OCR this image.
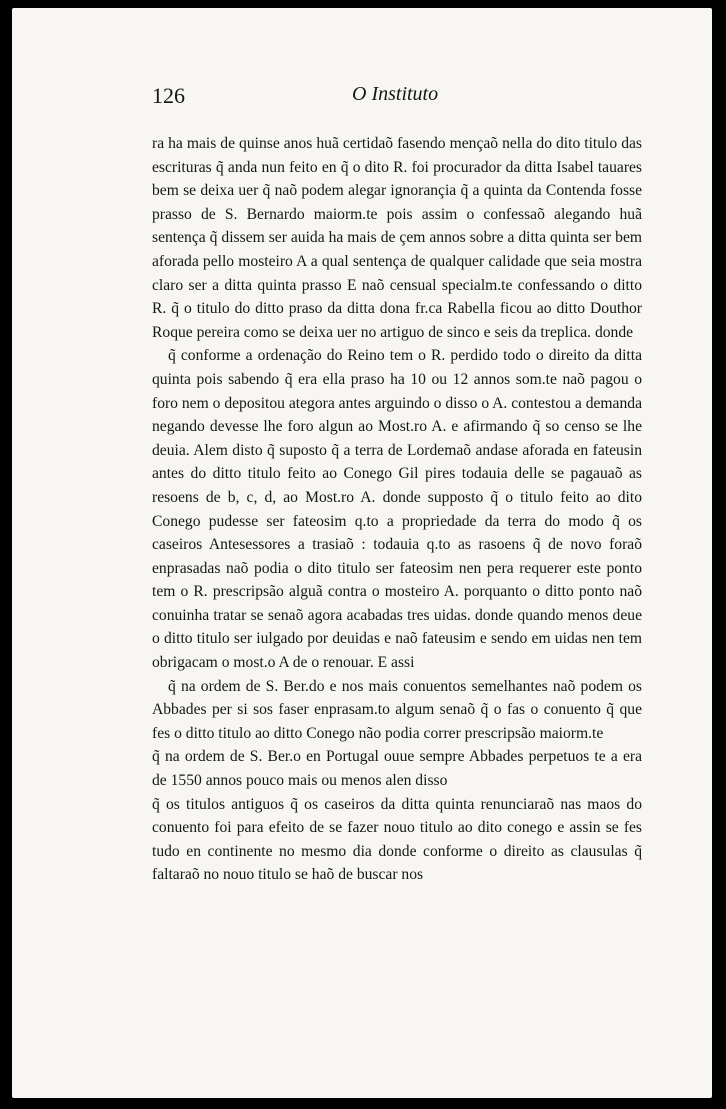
126	O Instituto

ra ha mais de quinse anos huã certidaõ fasendo mençaõ nella do dito titulo das escrituras q̃ anda nun feito en q̃ o dito R. foi procurador da ditta Isabel tauares bem se deixa uer q̃ naõ podem alegar ignorançia q̃ a quinta da Contenda fosse prasso de S. Bernardo maiorm.te pois assim o confessaõ alegando huã sentença q̃ dissem ser auida ha mais de çem annos sobre a ditta quinta ser bem aforada pello mosteiro A a qual sentença de qualquer calidade que seia mostra claro ser a ditta quinta prasso E naõ censual specialm.te confessando o ditto R. q̃ o titulo do ditto praso da ditta dona fr.ca Rabella ficou ao ditto Douthor Roque pereira como se deixa uer no artiguo de sinco e seis da treplica. donde

q̃ conforme a ordenação do Reino tem o R. perdido todo o direito da ditta quinta pois sabendo q̃ era ella praso ha 10 ou 12 annos som.te naõ pagou o foro nem o depositou ategora antes arguindo o disso o A. contestou a demanda negando devesse lhe foro algun ao Most.ro A. e afirmando q̃ so censo se lhe deuia. Alem disto q̃ suposto q̃ a terra de Lordemaõ andase aforada en fateusin antes do ditto titulo feito ao Conego Gil pires todauia delle se pagauaõ as resoens de b, c, d, ao Most.ro A. donde supposto q̃ o titulo feito ao dito Conego pudesse ser fateosim q.to a propriedade da terra do modo q̃ os caseiros Antesessores a trasiaõ : todauia q.to as rasoens q̃ de novo foraõ enprasadas naõ podia o dito titulo ser fateosim nen pera requerer este ponto tem o R. prescripsão alguã contra o mosteiro A. porquanto o ditto ponto naõ conuinha tratar se senaõ agora acabadas tres uidas. donde quando menos deue o ditto titulo ser iulgado por deuidas e naõ fateusim e sendo em uidas nen tem obrigacam o most.o A de o renouar. E assi

q̃ na ordem de S. Ber.do e nos mais conuentos semelhantes naõ podem os Abbades per si sos faser enprasam.to algum senaõ q̃ o fas o conuento q̃ que fes o ditto titulo ao ditto Conego não podia correr prescripsão maiorm.te

q̃ na ordem de S. Ber.o en Portugal ouue sempre Abbades perpetuos te a era de 1550 annos pouco mais ou menos alen disso

q̃ os titulos antiguos q̃ os caseiros da ditta quinta renunciaraõ nas maos do conuento foi para efeito de se fazer nouo titulo ao dito conego e assin se fes tudo en continente no mesmo dia donde conforme o direito as clausulas q̃ faltaraõ no nouo titulo se haõ de buscar nos
